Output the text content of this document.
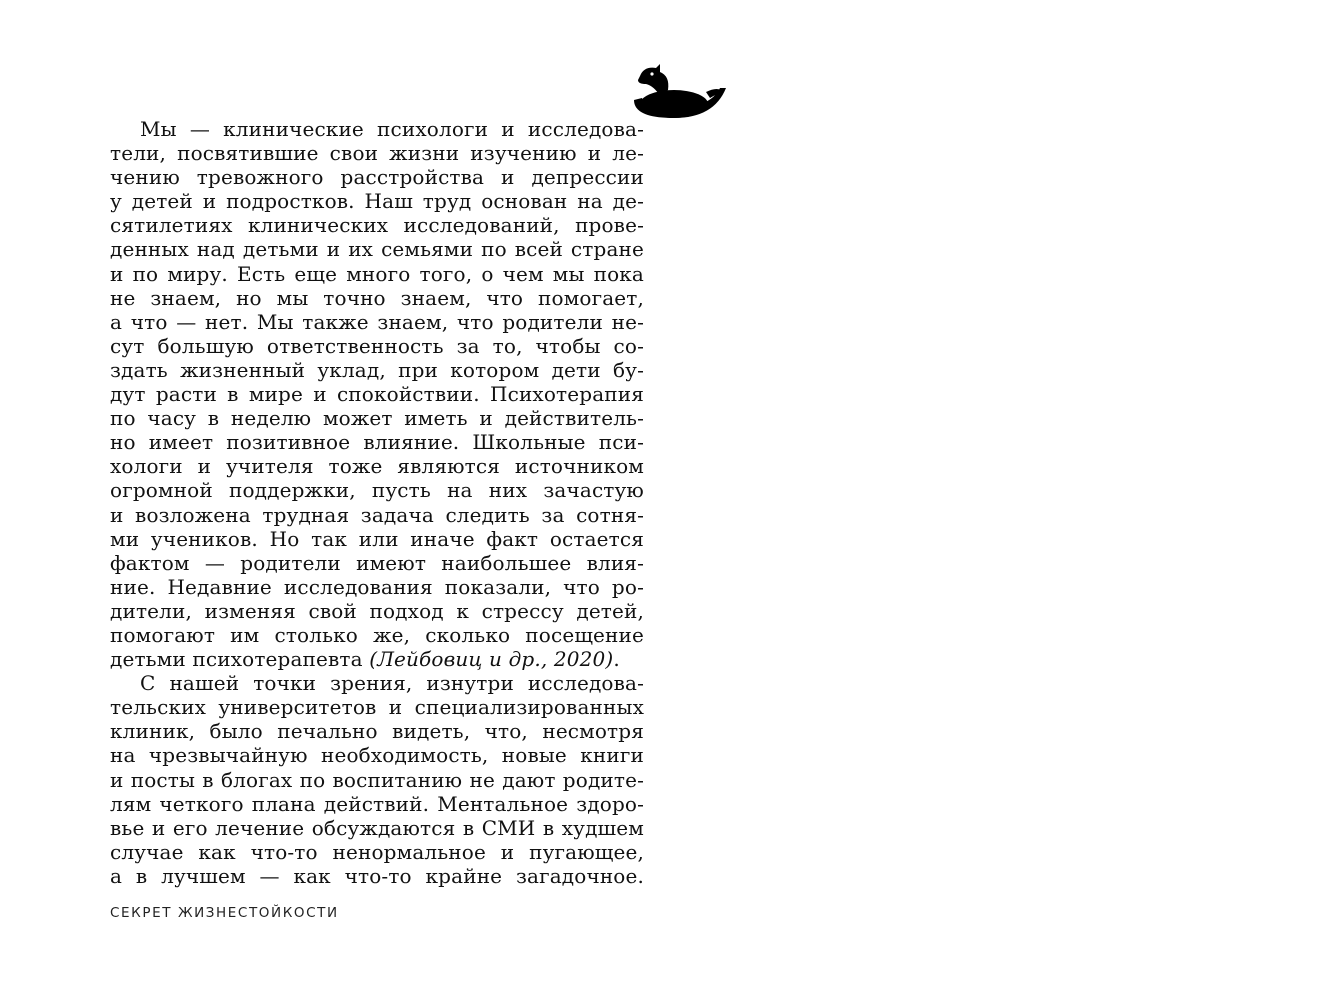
11
Мы — клинические психологи и исследова-
тели, посвятившие свои жизни изучению и ле-
чению тревожного расстройства и депрессии
у детей и подростков. Наш труд основан на де-
сятилетиях клинических исследований, прове-
денных над детьми и их семьями по всей стране
и по миру. Есть еще много того, о чем мы пока
не знаем, но мы точно знаем, что помогает,
а что — нет. Мы также знаем, что родители не-
сут большую ответственность за то, чтобы со-
здать жизненный уклад, при котором дети бу-
дут расти в мире и спокойствии. Психотерапия
по часу в неделю может иметь и действитель-
но имеет позитивное влияние. Школьные пси-
хологи и учителя тоже являются источником
огромной поддержки, пусть на них зачастую
и возложена трудная задача следить за сотня-
ми учеников. Но так или иначе факт остается
фактом — родители имеют наибольшее влия-
ние. Недавние исследования показали, что ро-
дители, изменяя свой подход к стрессу детей,
помогают им столько же, сколько посещение
детьми психотерапевта (Лейбовиц и др., 2020).
С нашей точки зрения, изнутри исследова-
тельских университетов и специализированных
клиник, было печально видеть, что, несмотря
на чрезвычайную необходимость, новые книги
и посты в блогах по воспитанию не дают родите-
лям четкого плана действий. Ментальное здоро-
вье и его лечение обсуждаются в СМИ в худшем
случае как что-то ненормальное и пугающее,
а в лучшем — как что-то крайне загадочное.
СЕКРЕТ ЖИЗНЕСТОЙКОСТИ
